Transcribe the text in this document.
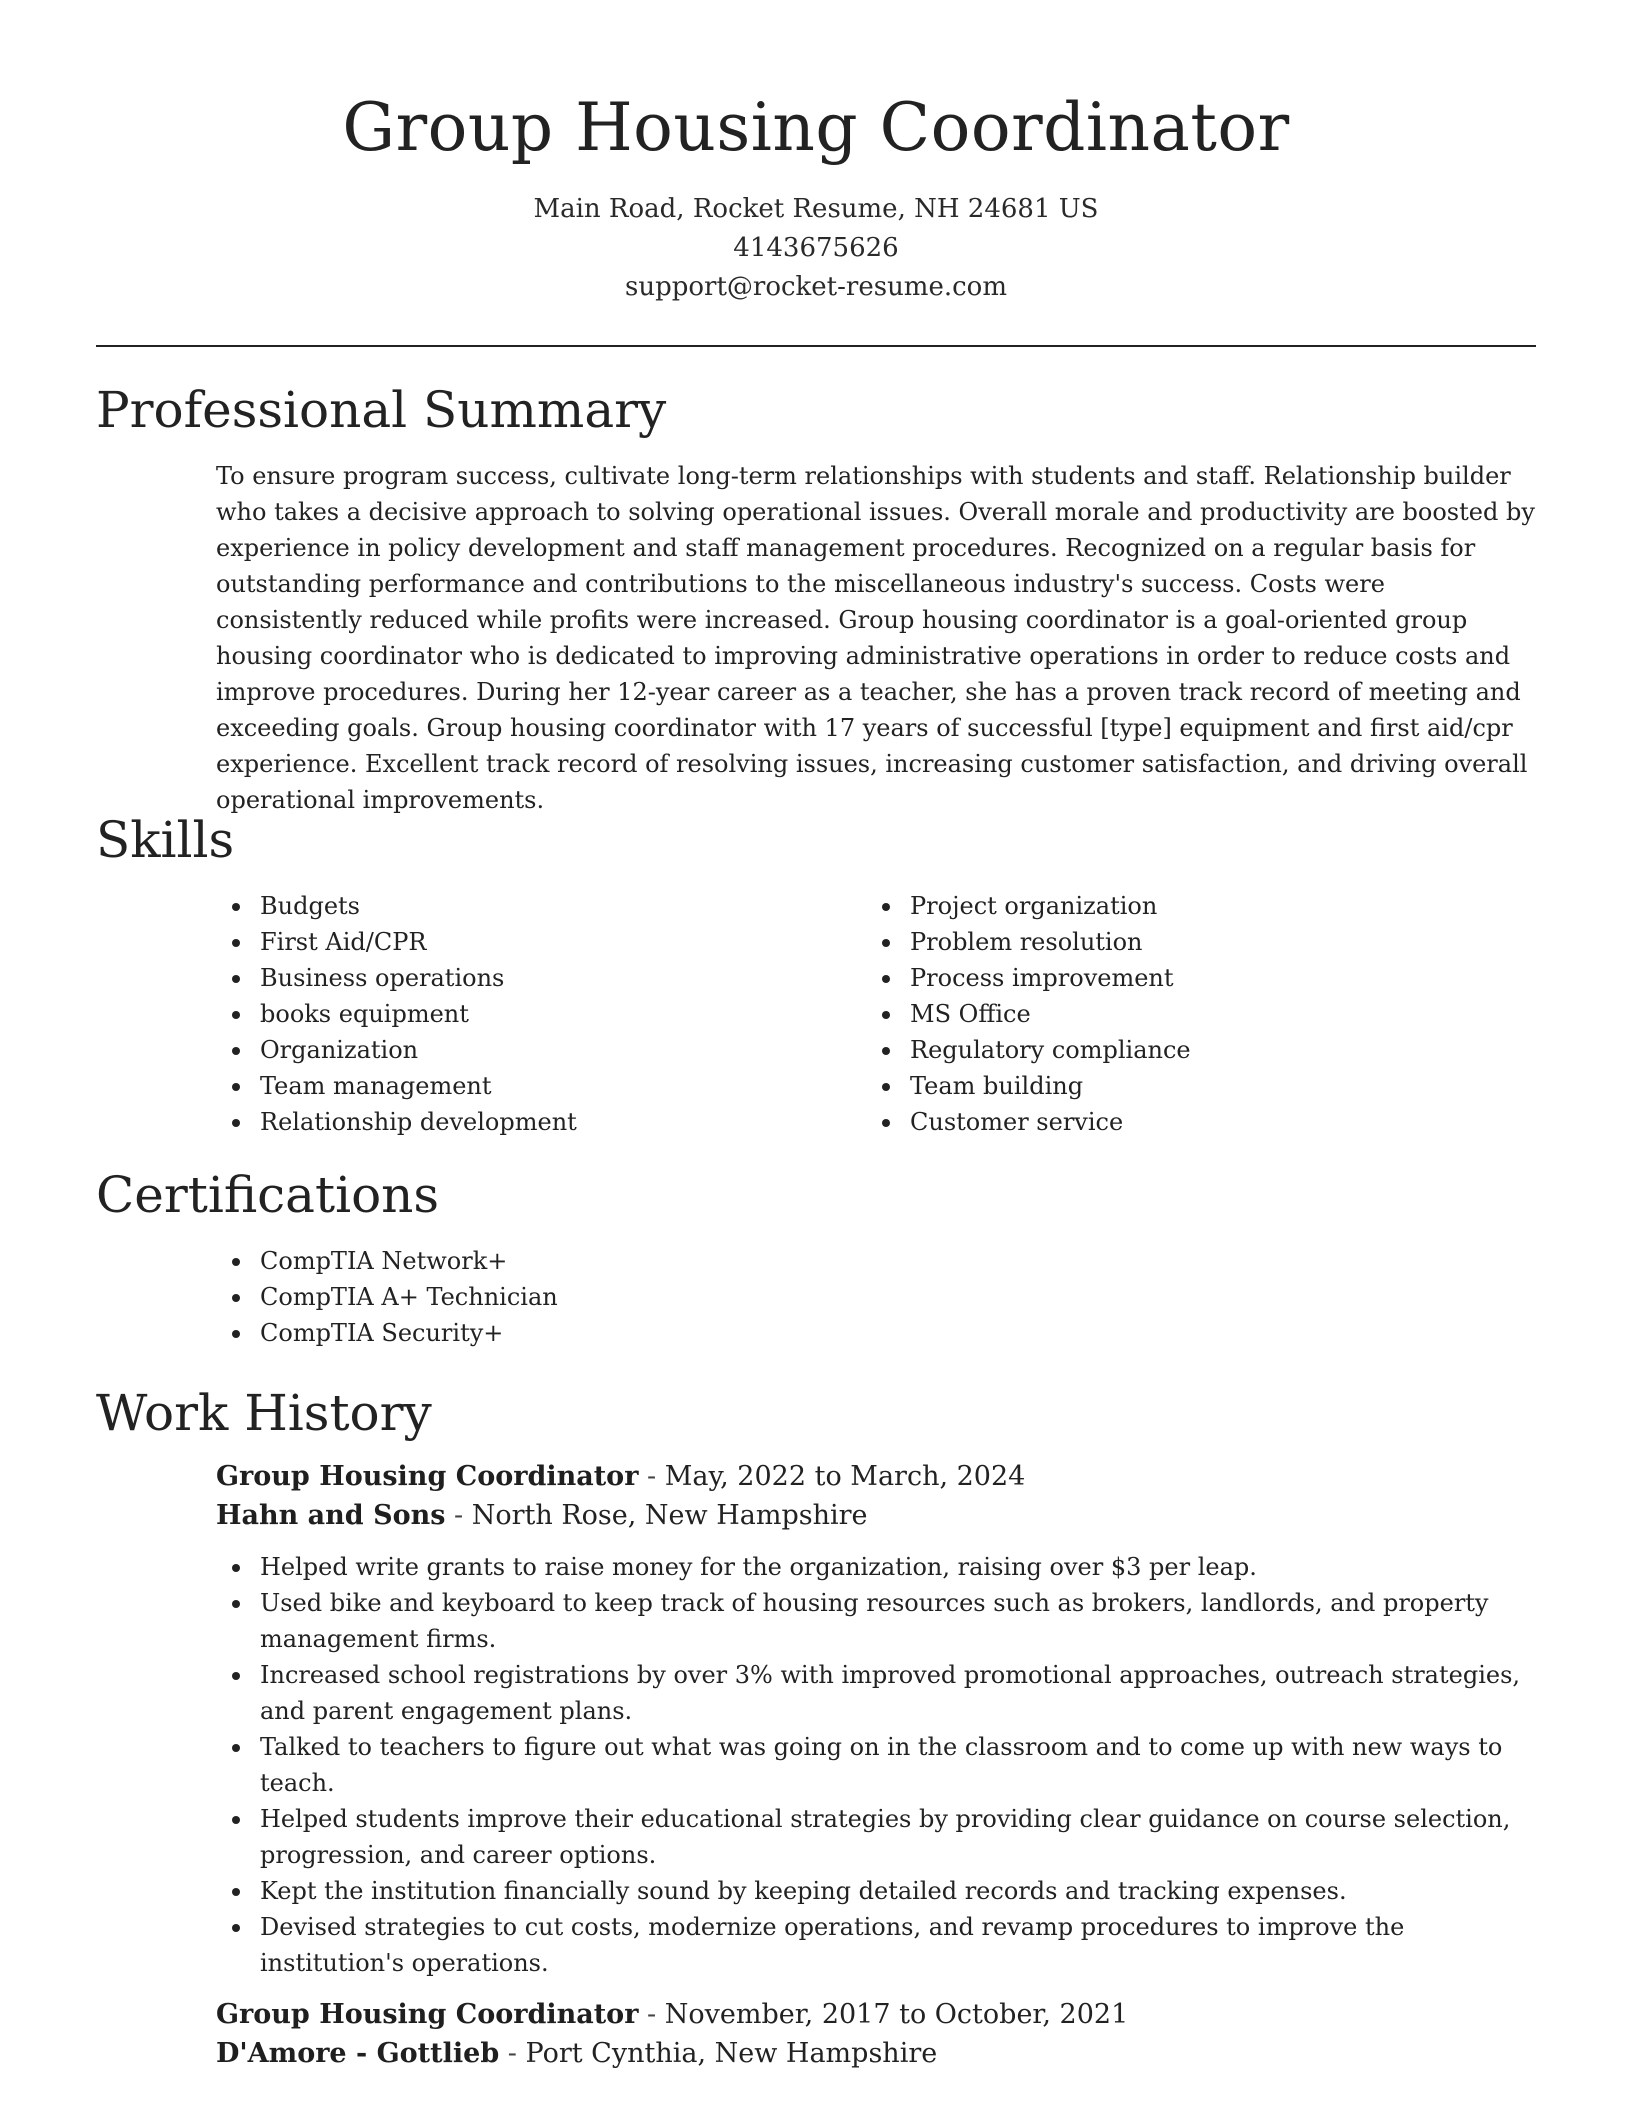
Group Housing Coordinator
Main Road, Rocket Resume, NH 24681 US
4143675626
support@rocket-resume.com
Professional Summary
To ensure program success, cultivate long-term relationships with students and staff. Relationship builder who takes a decisive approach to solving operational issues. Overall morale and productivity are boosted by experience in policy development and staff management procedures. Recognized on a regular basis for outstanding performance and contributions to the miscellaneous industry's success. Costs were consistently reduced while profits were increased. Group housing coordinator is a goal-oriented group housing coordinator who is dedicated to improving administrative operations in order to reduce costs and improve procedures. During her 12-year career as a teacher, she has a proven track record of meeting and exceeding goals. Group housing coordinator with 17 years of successful [type] equipment and first aid/cpr experience. Excellent track record of resolving issues, increasing customer satisfaction, and driving overall operational improvements.
Skills
Budgets
First Aid/CPR
Business operations
books equipment
Organization
Team management
Relationship development
Project organization
Problem resolution
Process improvement
MS Office
Regulatory compliance
Team building
Customer service
Certifications
CompTIA Network+
CompTIA A+ Technician
CompTIA Security+
Work History
Group Housing Coordinator - May, 2022 to March, 2024
Hahn and Sons - North Rose, New Hampshire
Helped write grants to raise money for the organization, raising over $3 per leap.
Used bike and keyboard to keep track of housing resources such as brokers, landlords, and property management firms.
Increased school registrations by over 3% with improved promotional approaches, outreach strategies, and parent engagement plans.
Talked to teachers to figure out what was going on in the classroom and to come up with new ways to teach.
Helped students improve their educational strategies by providing clear guidance on course selection, progression, and career options.
Kept the institution financially sound by keeping detailed records and tracking expenses.
Devised strategies to cut costs, modernize operations, and revamp procedures to improve the institution's operations.
Group Housing Coordinator - November, 2017 to October, 2021
D'Amore - Gottlieb - Port Cynthia, New Hampshire
